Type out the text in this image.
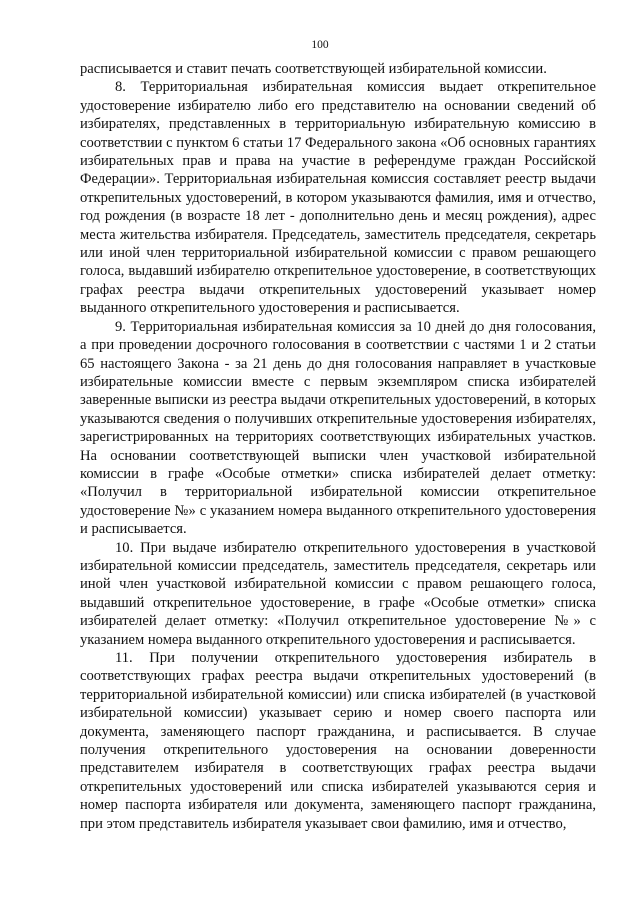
100

расписывается и ставит печать соответствующей избирательной комиссии.

8. Территориальная избирательная комиссия выдает открепительное удостоверение избирателю либо его представителю на основании сведений об избирателях, представленных в территориальную избирательную комиссию в соответствии с пунктом 6 статьи 17 Федерального закона «Об основных гарантиях избирательных прав и права на участие в референдуме граждан Российской Федерации». Территориальная избирательная комиссия составляет реестр выдачи открепительных удостоверений, в котором указываются фамилия, имя и отчество, год рождения (в возрасте 18 лет - дополнительно день и месяц рождения), адрес места жительства избирателя. Председатель, заместитель председателя, секретарь или иной член территориальной избирательной комиссии с правом решающего голоса, выдавший избирателю открепительное удостоверение, в соответствующих графах реестра выдачи открепительных удостоверений указывает номер выданного открепительного удостоверения и расписывается.

9. Территориальная избирательная комиссия за 10 дней до дня голосования, а при проведении досрочного голосования в соответствии с частями 1 и 2 статьи 65 настоящего Закона - за 21 день до дня голосования направляет в участковые избирательные комиссии вместе с первым экземпляром списка избирателей заверенные выписки из реестра выдачи открепительных удостоверений, в которых указываются сведения о получивших открепительные удостоверения избирателях, зарегистрированных на территориях соответствующих избирательных участков. На основании соответствующей выписки член участковой избирательной комиссии в графе «Особые отметки» списка избирателей делает отметку: «Получил в территориальной избирательной комиссии открепительное удостоверение №» с указанием номера выданного открепительного удостоверения и расписывается.

10. При выдаче избирателю открепительного удостоверения в участковой избирательной комиссии председатель, заместитель председателя, секретарь или иной член участковой избирательной комиссии с правом решающего голоса, выдавший открепительное удостоверение, в графе «Особые отметки» списка избирателей делает отметку: «Получил открепительное удостоверение №» с указанием номера выданного открепительного удостоверения и расписывается.

11. При получении открепительного удостоверения избиратель в соответствующих графах реестра выдачи открепительных удостоверений (в территориальной избирательной комиссии) или списка избирателей (в участковой избирательной комиссии) указывает серию и номер своего паспорта или документа, заменяющего паспорт гражданина, и расписывается. В случае получения открепительного удостоверения на основании доверенности представителем избирателя в соответствующих графах реестра выдачи открепительных удостоверений или списка избирателей указываются серия и номер паспорта избирателя или документа, заменяющего паспорт гражданина, при этом представитель избирателя указывает свои фамилию, имя и отчество,
